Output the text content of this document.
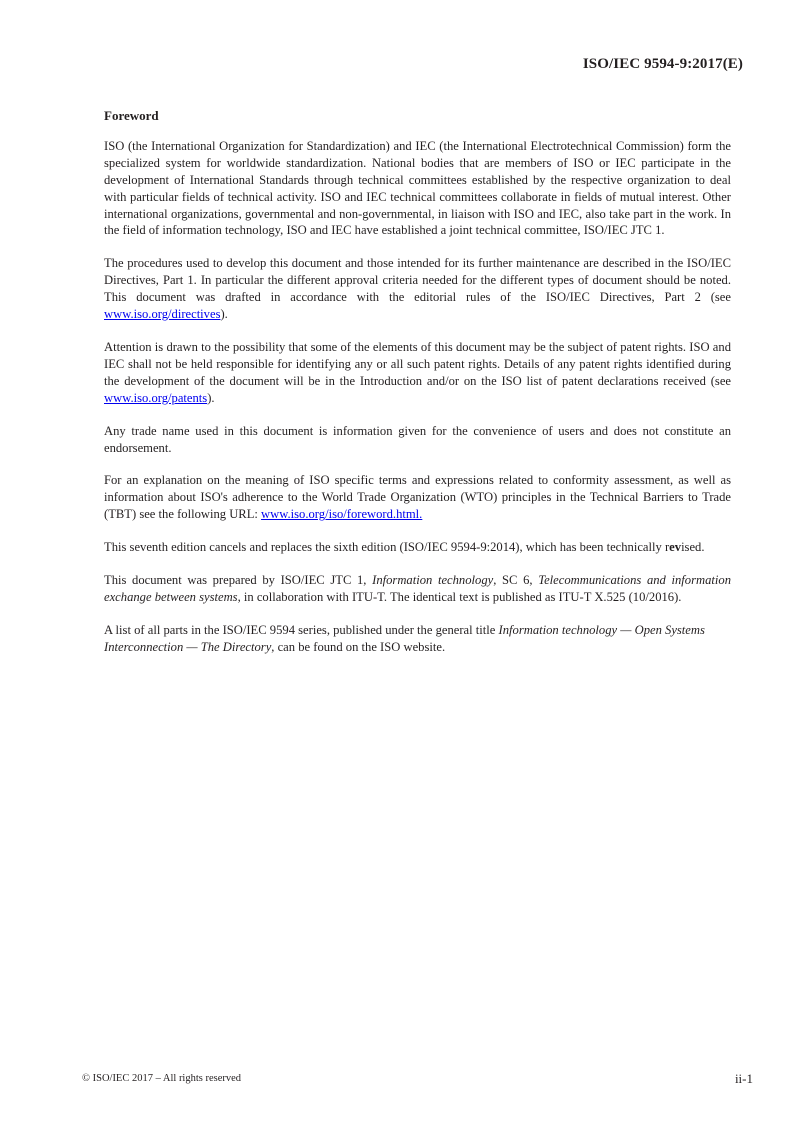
ISO/IEC 9594-9:2017(E)
Foreword

ISO (the International Organization for Standardization) and IEC (the International Electrotechnical Commission) form the specialized system for worldwide standardization. National bodies that are members of ISO or IEC participate in the development of International Standards through technical committees established by the respective organization to deal with particular fields of technical activity. ISO and IEC technical committees collaborate in fields of mutual interest. Other international organizations, governmental and non-governmental, in liaison with ISO and IEC, also take part in the work. In the field of information technology, ISO and IEC have established a joint technical committee, ISO/IEC JTC 1.

The procedures used to develop this document and those intended for its further maintenance are described in the ISO/IEC Directives, Part 1. In particular the different approval criteria needed for the different types of document should be noted. This document was drafted in accordance with the editorial rules of the ISO/IEC Directives, Part 2 (see www.iso.org/directives).

Attention is drawn to the possibility that some of the elements of this document may be the subject of patent rights. ISO and IEC shall not be held responsible for identifying any or all such patent rights. Details of any patent rights identified during the development of the document will be in the Introduction and/or on the ISO list of patent declarations received (see www.iso.org/patents).

Any trade name used in this document is information given for the convenience of users and does not constitute an endorsement.

For an explanation on the meaning of ISO specific terms and expressions related to conformity assessment, as well as information about ISO's adherence to the World Trade Organization (WTO) principles in the Technical Barriers to Trade (TBT) see the following URL: www.iso.org/iso/foreword.html.

This seventh edition cancels and replaces the sixth edition (ISO/IEC 9594-9:2014), which has been technically revised.

This document was prepared by ISO/IEC JTC 1, Information technology, SC 6, Telecommunications and information exchange between systems, in collaboration with ITU-T. The identical text is published as ITU-T X.525 (10/2016).

A list of all parts in the ISO/IEC 9594 series, published under the general title Information technology — Open Systems Interconnection — The Directory, can be found on the ISO website.

© ISO/IEC 2017 – All rights reserved	ii-1
